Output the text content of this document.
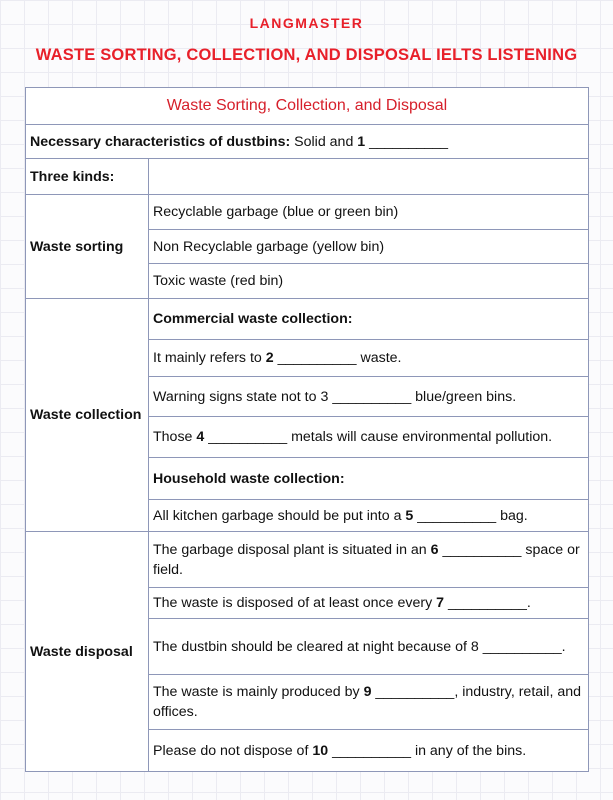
LANGMASTER
WASTE SORTING, COLLECTION, AND DISPOSAL IELTS LISTENING
Waste Sorting, Collection, and Disposal	
Necessary characteristics of dustbins: Solid and 1 __________	
Three kinds:	
Waste sorting	Recyclable garbage (blue or green bin)
	Non Recyclable garbage (yellow bin)
	Toxic waste (red bin)
Waste collection	Commercial waste collection:
	It mainly refers to 2 __________ waste.
	Warning signs state not to 3 __________ blue/green bins.
	Those 4 __________ metals will cause environmental pollution.
	Household waste collection:
	All kitchen garbage should be put into a 5 __________ bag.
Waste disposal	The garbage disposal plant is situated in an 6 __________ space or field.
	The waste is disposed of at least once every 7 __________.
	The dustbin should be cleared at night because of 8 __________.
	The waste is mainly produced by 9 __________, industry, retail, and offices.
	Please do not dispose of 10 __________ in any of the bins.
